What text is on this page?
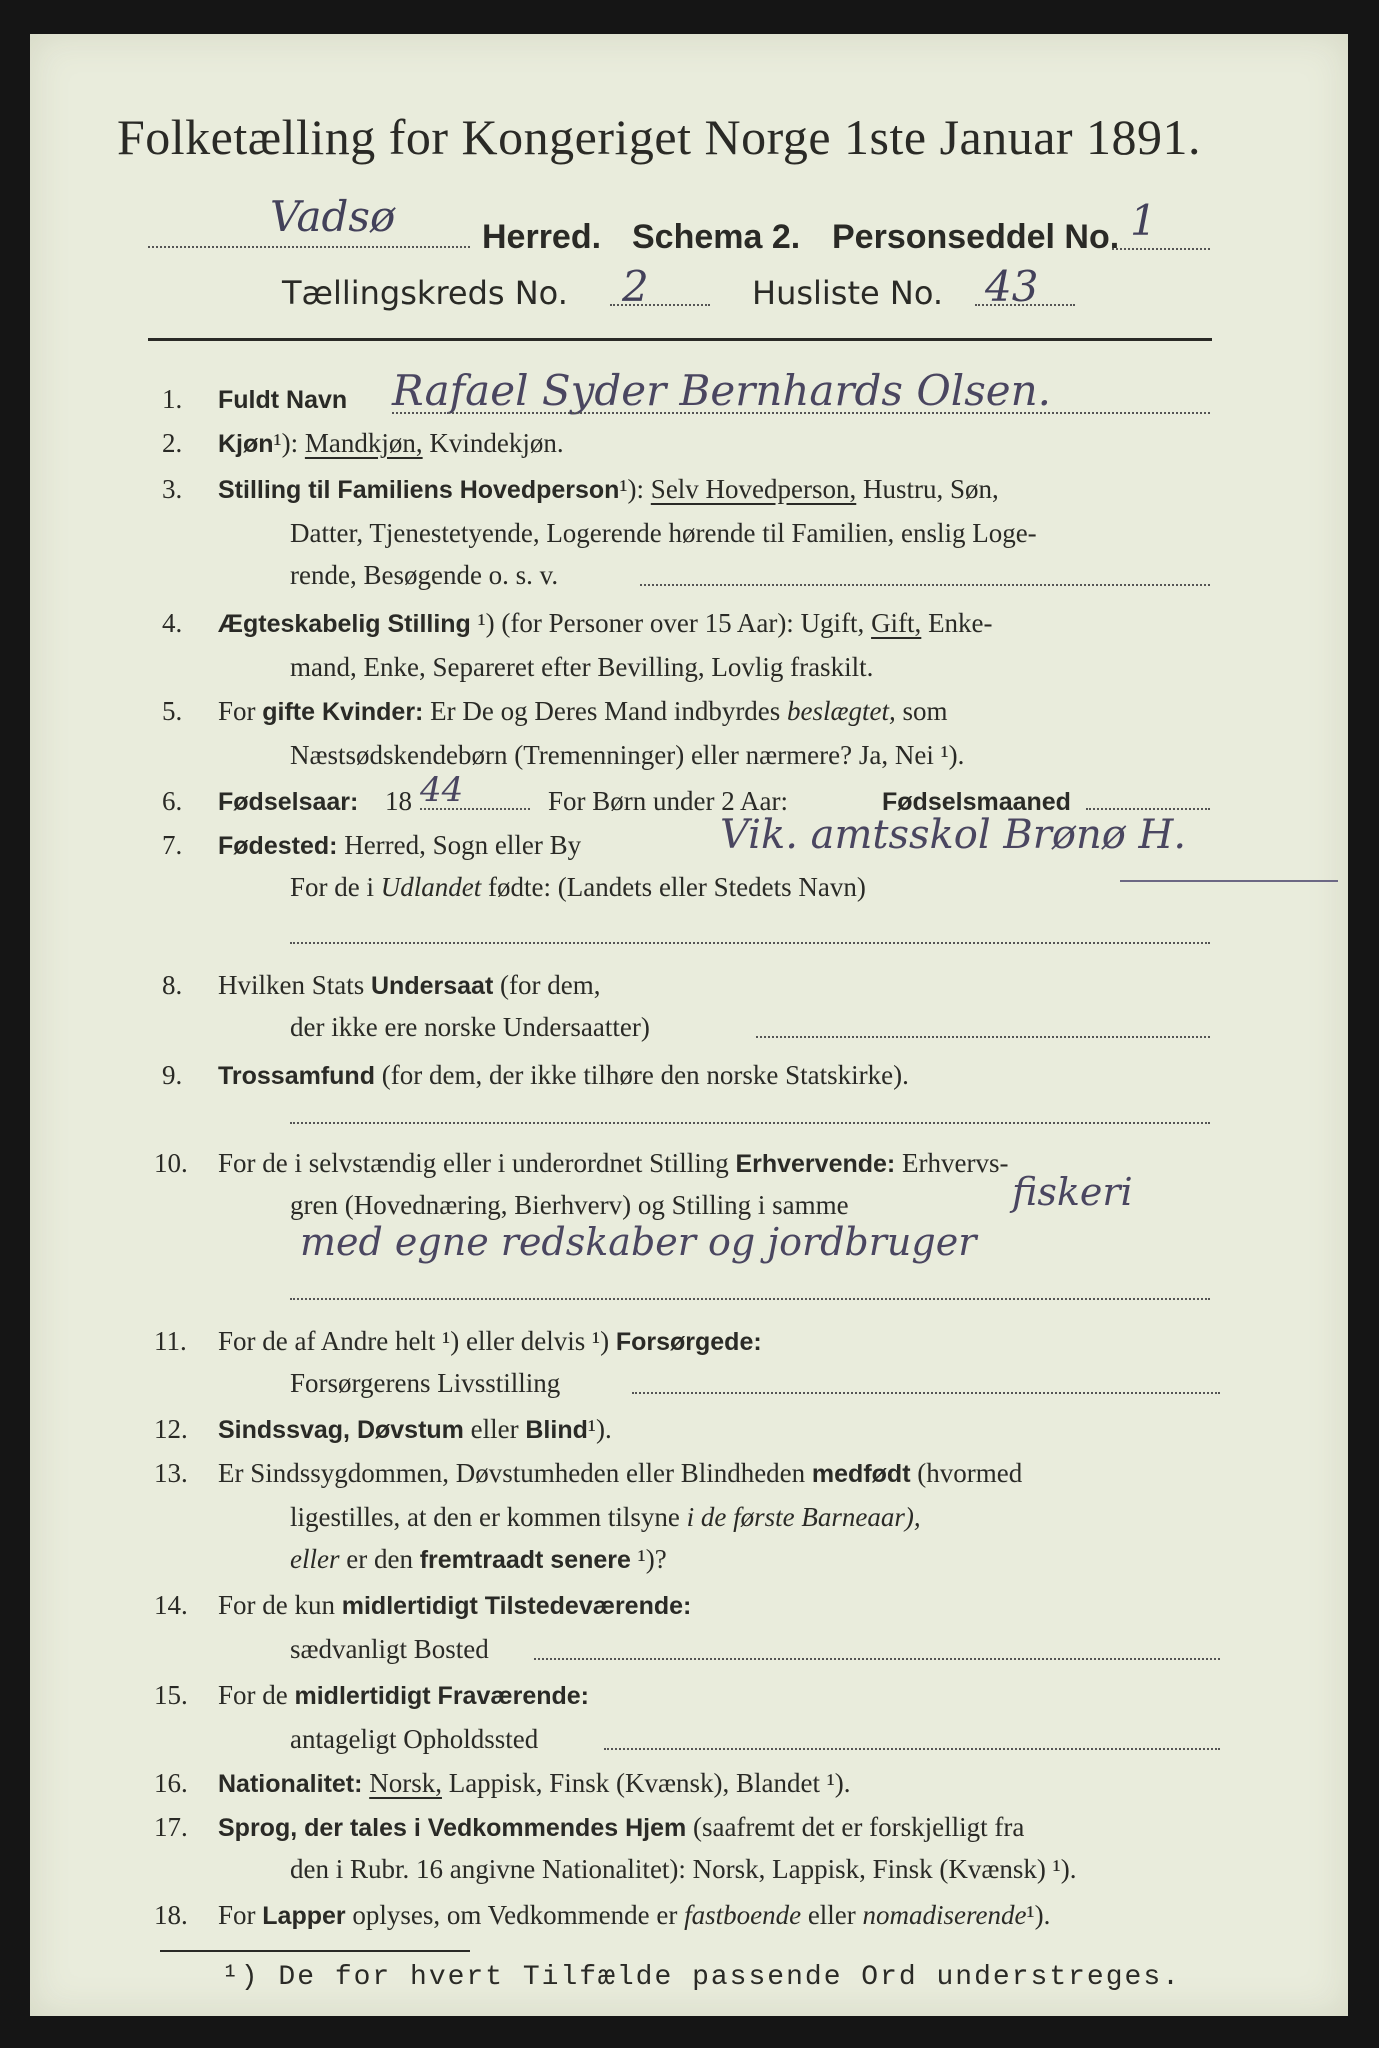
Folketælling for Kongeriget Norge 1ste Januar 1891.
Vadsø	Herred. Schema 2. Personseddel No. 1
Tællingskreds No. 2	Husliste No. 43
1. Fuldt Navn Rafael Syder Bernhards Olsen.
2. Kjøn¹): Mandkjøn, Kvindekjøn.
3. Stilling til Familiens Hovedperson¹): Selv Hovedperson, Hustru, Søn,
Datter, Tjenestetyende, Logerende hørende til Familien, enslig Loge-
rende, Besøgende o. s. v.
4. Ægteskabelig Stilling ¹) (for Personer over 15 Aar): Ugift, Gift, Enke-
mand, Enke, Separeret efter Bevilling, Lovlig fraskilt.
5. For gifte Kvinder: Er De og Deres Mand indbyrdes beslægtet, som
Næstsødskendebørn (Tremenninger) eller nærmere? Ja, Nei ¹).
6. Fødselsaar: 18 44	For Børn under 2 Aar:	Fødselsmaaned
7. Fødested: Herred, Sogn eller By	Vik. amtsskol Brønø H.
For de i Udlandet fødte: (Landets eller Stedets Navn)
8. Hvilken Stats Undersaat (for dem,
der ikke ere norske Undersaatter)
9. Trossamfund (for dem, der ikke tilhøre den norske Statskirke).
10. For de i selvstændig eller i underordnet Stilling Erhvervende: Erhvervs-
gren (Hovednæring, Bierhverv) og Stilling i samme	fiskeri
med egne redskaber og jordbruger
11. For de af Andre helt ¹) eller delvis ¹) Forsørgede:
Forsørgerens Livsstilling
12. Sindssvag, Døvstum eller Blind¹).
13. Er Sindssygdommen, Døvstumheden eller Blindheden medfødt (hvormed
ligestilles, at den er kommen tilsyne i de første Barneaar),
eller er den fremtraadt senere ¹)?
14. For de kun midlertidigt Tilstedeværende:
sædvanligt Bosted
15. For de midlertidigt Fraværende:
antageligt Opholdssted
16. Nationalitet: Norsk, Lappisk, Finsk (Kvænsk), Blandet ¹).
17. Sprog, der tales i Vedkommendes Hjem (saafremt det er forskjelligt fra
den i Rubr. 16 angivne Nationalitet): Norsk, Lappisk, Finsk (Kvænsk) ¹).
18. For Lapper oplyses, om Vedkommende er fastboende eller nomadiserende¹).
¹) De for hvert Tilfælde passende Ord understreges.
